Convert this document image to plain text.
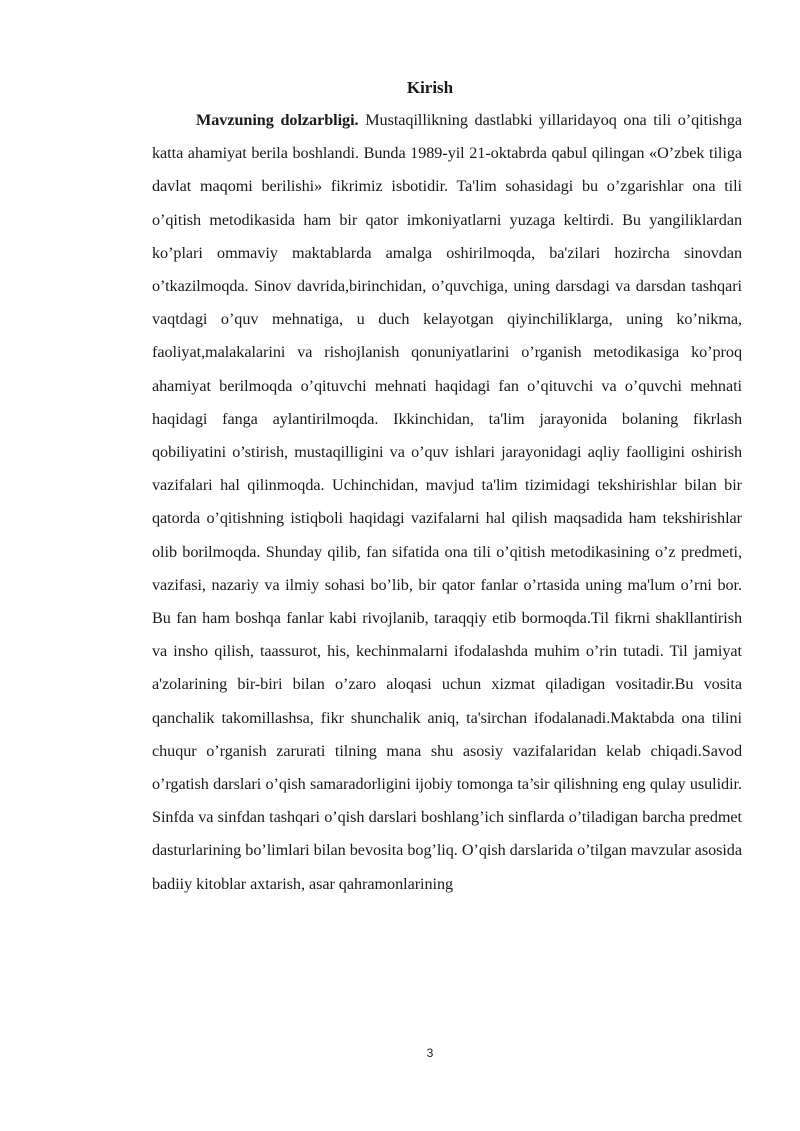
Kirish

Mavzuning dolzarbligi. Mustaqillikning dastlabki yillaridayoq ona tili o’qitishga katta ahamiyat berila boshlandi. Bunda 1989-yil 21-oktabrda qabul qilingan «O’zbek tiliga davlat maqomi berilishi» fikrimiz isbotidir. Ta'lim sohasidagi bu o’zgarishlar ona tili o’qitish metodikasida ham bir qator imkoniyatlarni yuzaga keltirdi. Bu yangiliklardan ko’plari ommaviy maktablarda amalga oshirilmoqda, ba'zilari hozircha sinovdan o’tkazilmoqda. Sinov davrida,birinchidan, o’quvchiga, uning darsdagi va darsdan tashqari vaqtdagi o’quv mehnatiga, u duch kelayotgan qiyinchiliklarga, uning ko’nikma, faoliyat,malakalarini va rishojlanish qonuniyatlarini o’rganish metodikasiga ko’proq ahamiyat berilmoqda o’qituvchi mehnati haqidagi fan o’qituvchi va o’quvchi mehnati haqidagi fanga aylantirilmoqda. Ikkinchidan, ta'lim jarayonida bolaning fikrlash qobiliyatini o’stirish, mustaqilligini va o’quv ishlari jarayonidagi aqliy faolligini oshirish vazifalari hal qilinmoqda. Uchinchidan, mavjud ta'lim tizimidagi tekshirishlar bilan bir qatorda o’qitishning istiqboli haqidagi vazifalarni hal qilish maqsadida ham tekshirishlar olib borilmoqda. Shunday qilib, fan sifatida ona tili o’qitish metodikasining o’z predmeti, vazifasi, nazariy va ilmiy sohasi bo’lib, bir qator fanlar o’rtasida uning ma'lum o’rni bor. Bu fan ham boshqa fanlar kabi rivojlanib, taraqqiy etib bormoqda.Til fikrni shakllantirish va insho qilish, taassurot, his, kechinmalarni ifodalashda muhim o’rin tutadi. Til jamiyat a'zolarining bir-biri bilan o’zaro aloqasi uchun xizmat qiladigan vositadir.Bu vosita qanchalik takomillashsa, fikr shunchalik aniq, ta'sirchan ifodalanadi.Maktabda ona tilini chuqur o’rganish zarurati tilning mana shu asosiy vazifalaridan kelab chiqadi.Savod o’rgatish darslari o’qish samaradorligini ijobiy tomonga ta’sir qilishning eng qulay usulidir. Sinfda va sinfdan tashqari o’qish darslari boshlang’ich sinflarda o’tiladigan barcha predmet dasturlarining bo’limlari bilan bevosita bog’liq. O’qish darslarida o’tilgan mavzular asosida badiiy kitoblar axtarish, asar qahramonlarining

3
